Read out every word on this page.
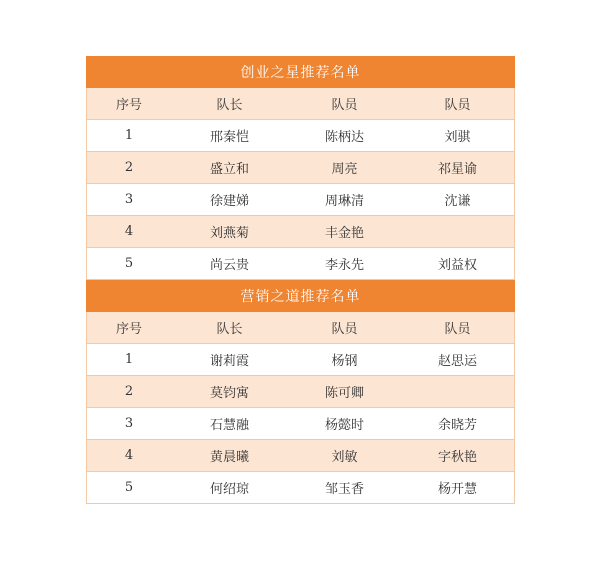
创业之星推荐名单
序号	队长	队员	队员
1	邢秦恺	陈柄达	刘骐
2	盛立和	周亮	祁星谕
3	徐建娣	周琳清	沈谦
4	刘燕菊	丰金艳
5	尚云贵	李永先	刘益权
营销之道推荐名单
序号	队长	队员	队员
1	谢莉霞	杨钢	赵思运
2	莫钧寓	陈可卿
3	石慧融	杨懿时	余晓芳
4	黄晨曦	刘敏	字秋艳
5	何绍琼	邹玉香	杨开慧
